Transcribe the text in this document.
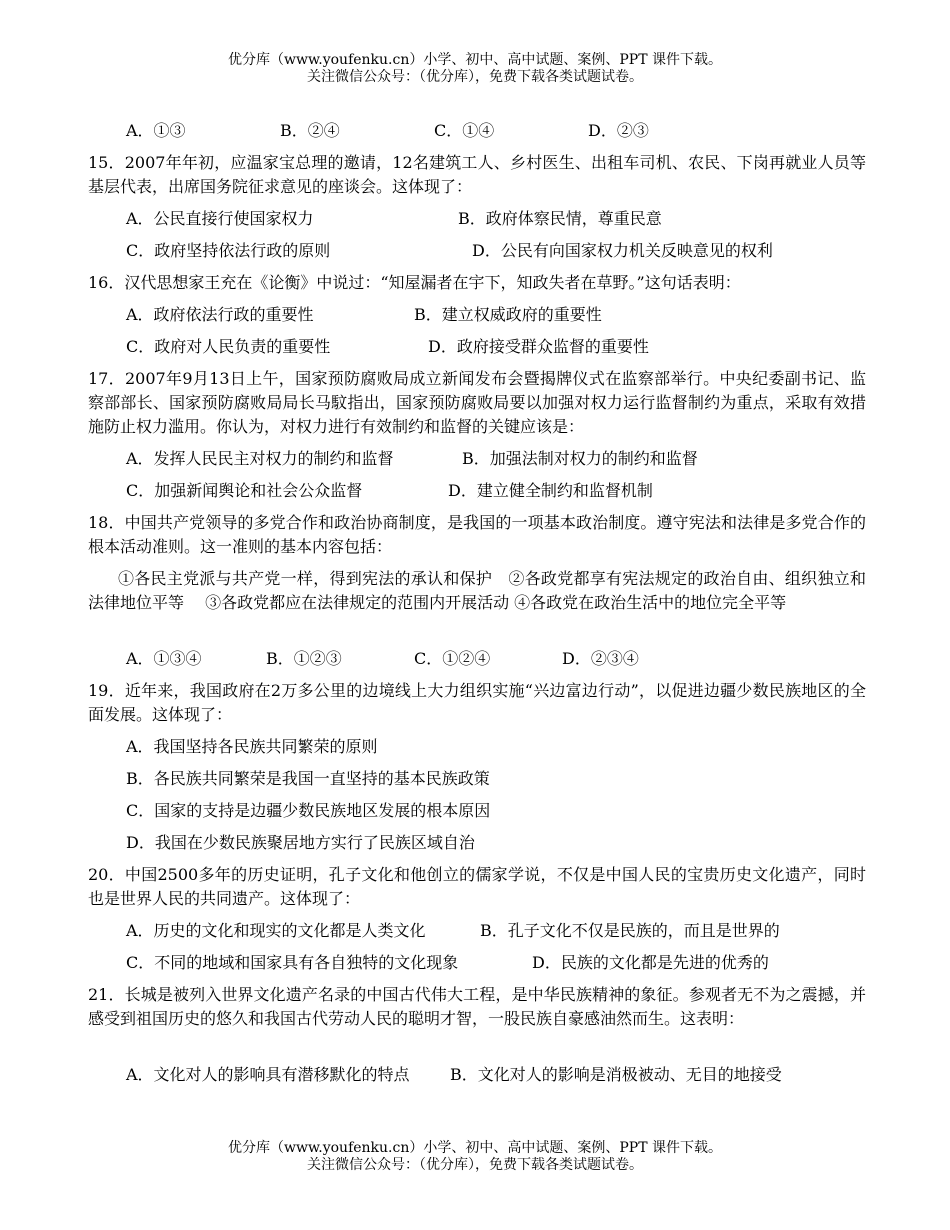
优分库（www.youfenku.cn）小学、初中、高中试题、案例、PPT 课件下载。
关注微信公众号：（优分库），免费下载各类试题试卷。
A．①③	B．②④	C．①④	D．②③
15．2007年年初，应温家宝总理的邀请，12名建筑工人、乡村医生、出租车司机、农民、下岗再就业人员等基层代表，出席国务院征求意见的座谈会。这体现了：
A．公民直接行使国家权力	B．政府体察民情，尊重民意
C．政府坚持依法行政的原则	D．公民有向国家权力机关反映意见的权利
16．汉代思想家王充在《论衡》中说过：“知屋漏者在宇下，知政失者在草野。”这句话表明：
A．政府依法行政的重要性	B．建立权威政府的重要性
C．政府对人民负责的重要性	D．政府接受群众监督的重要性
17．2007年9月13日上午，国家预防腐败局成立新闻发布会暨揭牌仪式在监察部举行。中央纪委副书记、监察部部长、国家预防腐败局局长马馼指出，国家预防腐败局要以加强对权力运行监督制约为重点，采取有效措施防止权力滥用。你认为，对权力进行有效制约和监督的关键应该是：
A．发挥人民民主对权力的制约和监督	B．加强法制对权力的制约和监督
C．加强新闻舆论和社会公众监督	D．建立健全制约和监督机制
18．中国共产党领导的多党合作和政治协商制度，是我国的一项基本政治制度。遵守宪法和法律是多党合作的根本活动准则。这一准则的基本内容包括：
①各民主党派与共产党一样，得到宪法的承认和保护　②各政党都享有宪法规定的政治自由、组织独立和法律地位平等　 ③各政党都应在法律规定的范围内开展活动 ④各政党在政治生活中的地位完全平等
A．①③④	B．①②③	C．①②④	D．②③④
19．近年来，我国政府在2万多公里的边境线上大力组织实施“兴边富边行动”，以促进边疆少数民族地区的全面发展。这体现了：
A．我国坚持各民族共同繁荣的原则
B．各民族共同繁荣是我国一直坚持的基本民族政策
C．国家的支持是边疆少数民族地区发展的根本原因
D．我国在少数民族聚居地方实行了民族区域自治
20．中国2500多年的历史证明，孔子文化和他创立的儒家学说，不仅是中国人民的宝贵历史文化遗产，同时也是世界人民的共同遗产。这体现了：
A．历史的文化和现实的文化都是人类文化	B．孔子文化不仅是民族的，而且是世界的
C．不同的地域和国家具有各自独特的文化现象	D．民族的文化都是先进的优秀的
21．长城是被列入世界文化遗产名录的中国古代伟大工程，是中华民族精神的象征。参观者无不为之震撼，并感受到祖国历史的悠久和我国古代劳动人民的聪明才智，一股民族自豪感油然而生。这表明：
A．文化对人的影响具有潜移默化的特点	B．文化对人的影响是消极被动、无目的地接受
优分库（www.youfenku.cn）小学、初中、高中试题、案例、PPT 课件下载。
关注微信公众号：（优分库），免费下载各类试题试卷。
